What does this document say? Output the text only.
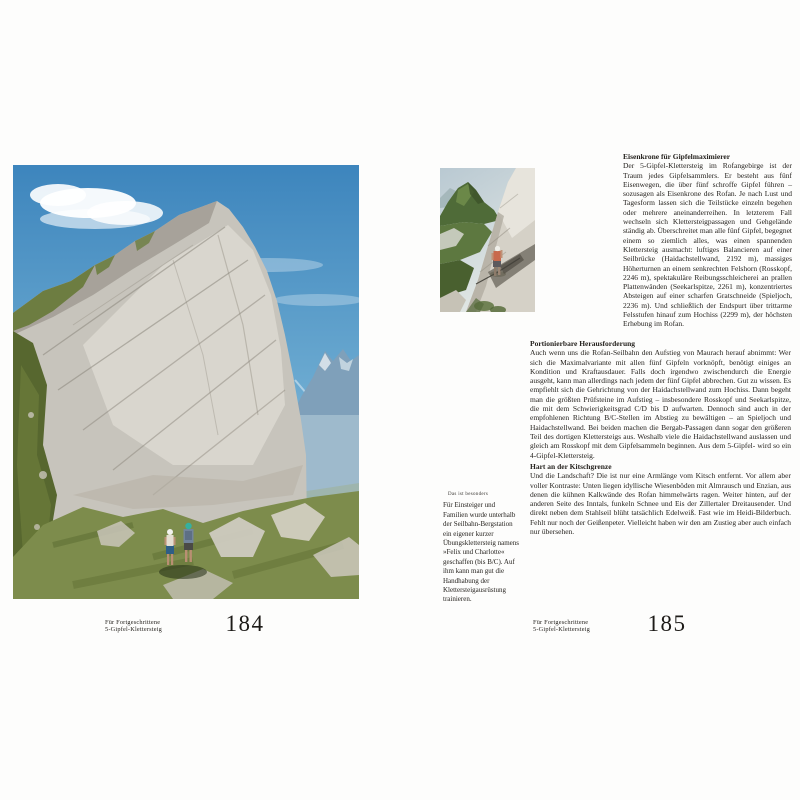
Für Fortgeschrittene
5-Gipfel-Klettersteig	184
Eisenkrone für Gipfelmaximierer
Der 5-Gipfel-Klettersteig im Rofangebirge ist der Traum jedes Gipfelsammlers. Er besteht aus fünf Eisenwegen, die über fünf schroffe Gipfel führen – sozusagen als Eisenkrone des Rofan. Je nach Lust und Tagesform lassen sich die Teilstücke einzeln begehen oder mehrere aneinanderreihen. In letzterem Fall wechseln sich Klettersteigpassagen und Gehgelände ständig ab. Überschreitet man alle fünf Gipfel, begegnet einem so ziemlich alles, was einen spannenden Klettersteig ausmacht: luftiges Balancieren auf einer Seilbrücke (Haidachstellwand, 2192 m), massiges Höherturnen an einem senkrechten Felshorn (Rosskopf, 2246 m), spektakuläre Reibungsschleicherei an prallen Plattenwänden (Seekarlspitze, 2261 m), konzentriertes Absteigen auf einer scharfen Gratschneide (Spieljoch, 2236 m). Und schließlich der Endspurt über trittarme Felsstufen hinauf zum Hochiss (2299 m), der höchsten Erhebung im Rofan.
Portionierbare Herausforderung
Auch wenn uns die Rofan-Seilbahn den Aufstieg von Maurach herauf abnimmt: Wer sich die Maximalvariante mit allen fünf Gipfeln vorknöpft, benötigt einiges an Kondition und Kraftausdauer. Falls doch irgendwo zwischendurch die Energie ausgeht, kann man allerdings nach jedem der fünf Gipfel abbrechen. Gut zu wissen. Es empfiehlt sich die Gehrichtung von der Haidachstellwand zum Hochiss. Dann begeht man die größten Prüfsteine im Aufstieg – insbesondere Rosskopf und Seekarlspitze, die mit dem Schwierigkeitsgrad C/D bis D aufwarten. Dennoch sind auch in der empfohlenen Richtung B/C-Stellen im Abstieg zu bewältigen – an Spieljoch und Haidachstellwand. Bei beiden machen die Bergab-Passagen dann sogar den größeren Teil des dortigen Klettersteigs aus. Weshalb viele die Haidachstellwand auslassen und gleich am Rosskopf mit dem Gipfelsammeln beginnen. Aus dem 5-Gipfel- wird so ein 4-Gipfel-Klettersteig.
Hart an der Kitschgrenze
Und die Landschaft? Die ist nur eine Armlänge vom Kitsch entfernt. Vor allem aber voller Kontraste: Unten liegen idyllische Wiesenböden mit Almrausch und Enzian, aus denen die kühnen Kalkwände des Rofan himmelwärts ragen. Weiter hinten, auf der anderen Seite des Inntals, funkeln Schnee und Eis der Zillertaler Dreitausender. Und direkt neben dem Stahlseil blüht tatsächlich Edelweiß. Fast wie im Heidi-Bilderbuch. Fehlt nur noch der Geißenpeter. Vielleicht haben wir den am Zustieg aber auch einfach nur übersehen.
Das ist besonders
Für Einsteiger und Familien wurde unterhalb der Seilbahn-Bergstation ein eigener kurzer Übungsklettersteig namens »Felix und Charlotte« geschaffen (bis B/C). Auf ihm kann man gut die Handhabung der Klettersteigausrüstung trainieren.
Für Fortgeschrittene
5-Gipfel-Klettersteig	185
